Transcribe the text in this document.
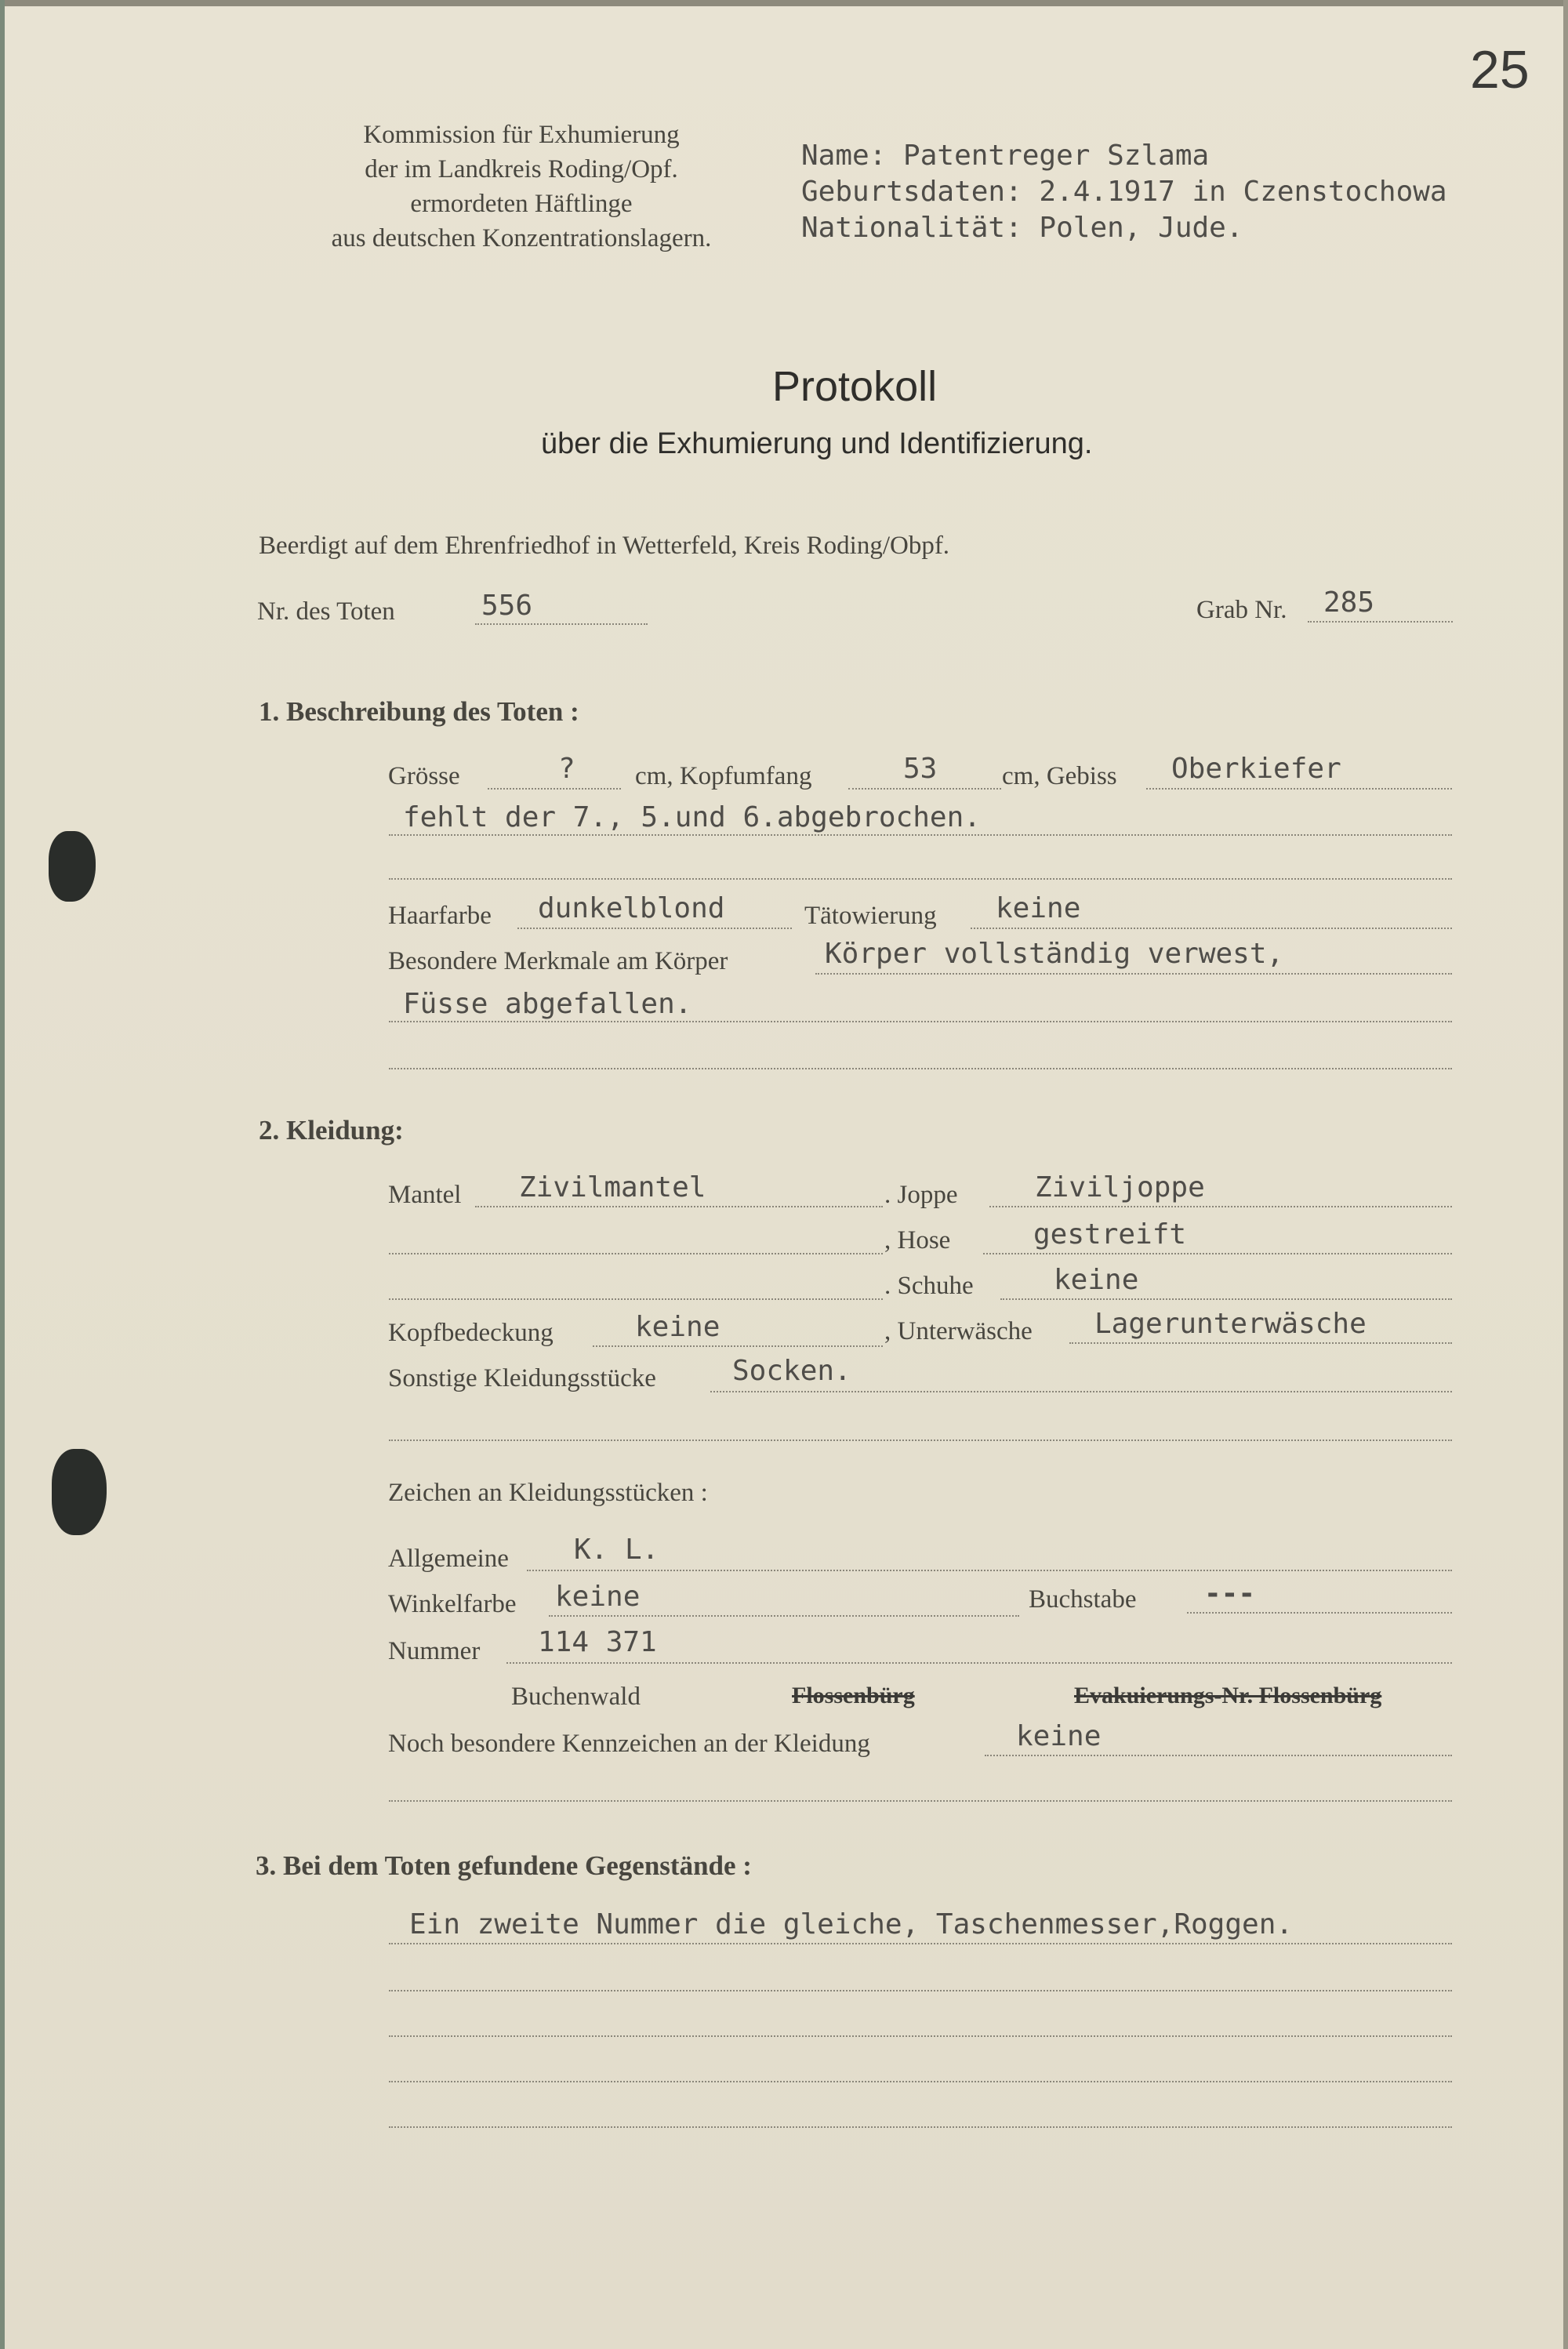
25
Kommission für Exhumierung
der im Landkreis Roding/Opf.
ermordeten Häftlinge
aus deutschen Konzentrationslagern.
Name: Patentreger Szlama
Geburtsdaten: 2.4.1917 in Czenstochowa
Nationalität: Polen, Jude.
Protokoll
über die Exhumierung und Identifizierung.
Beerdigt auf dem Ehrenfriedhof in Wetterfeld, Kreis Roding/Obpf.
Nr. des Toten	556	Grab Nr. 285
1. Beschreibung des Toten :
Grösse	? cm, Kopfumfang	53	cm, Gebiss Oberkiefer
fehlt der 7., 5.und 6.abgebrochen.
Haarfarbe dunkelblond	Tätowierung keine
Besondere Merkmale am Körper	Körper vollständig verwest,
Füsse abgefallen.
2. Kleidung:
Mantel Zivilmantel	. Joppe	Ziviljoppe
, Hose	gestreift
. Schuhe	keine
Kopfbedeckung	keine	, Unterwäsche Lagerunterwäsche
Sonstige Kleidungsstücke	Socken.
Zeichen an Kleidungsstücken :
Allgemeine K. L.
Winkelfarbe keine	Buchstabe ---
Nummer 114 371
Buchenwald	Flossenbürg	Evakuierungs-Nr. Flossenbürg
Noch besondere Kennzeichen an der Kleidung	keine
3. Bei dem Toten gefundene Gegenstände :
Ein zweite Nummer die gleiche, Taschenmesser,Roggen.
